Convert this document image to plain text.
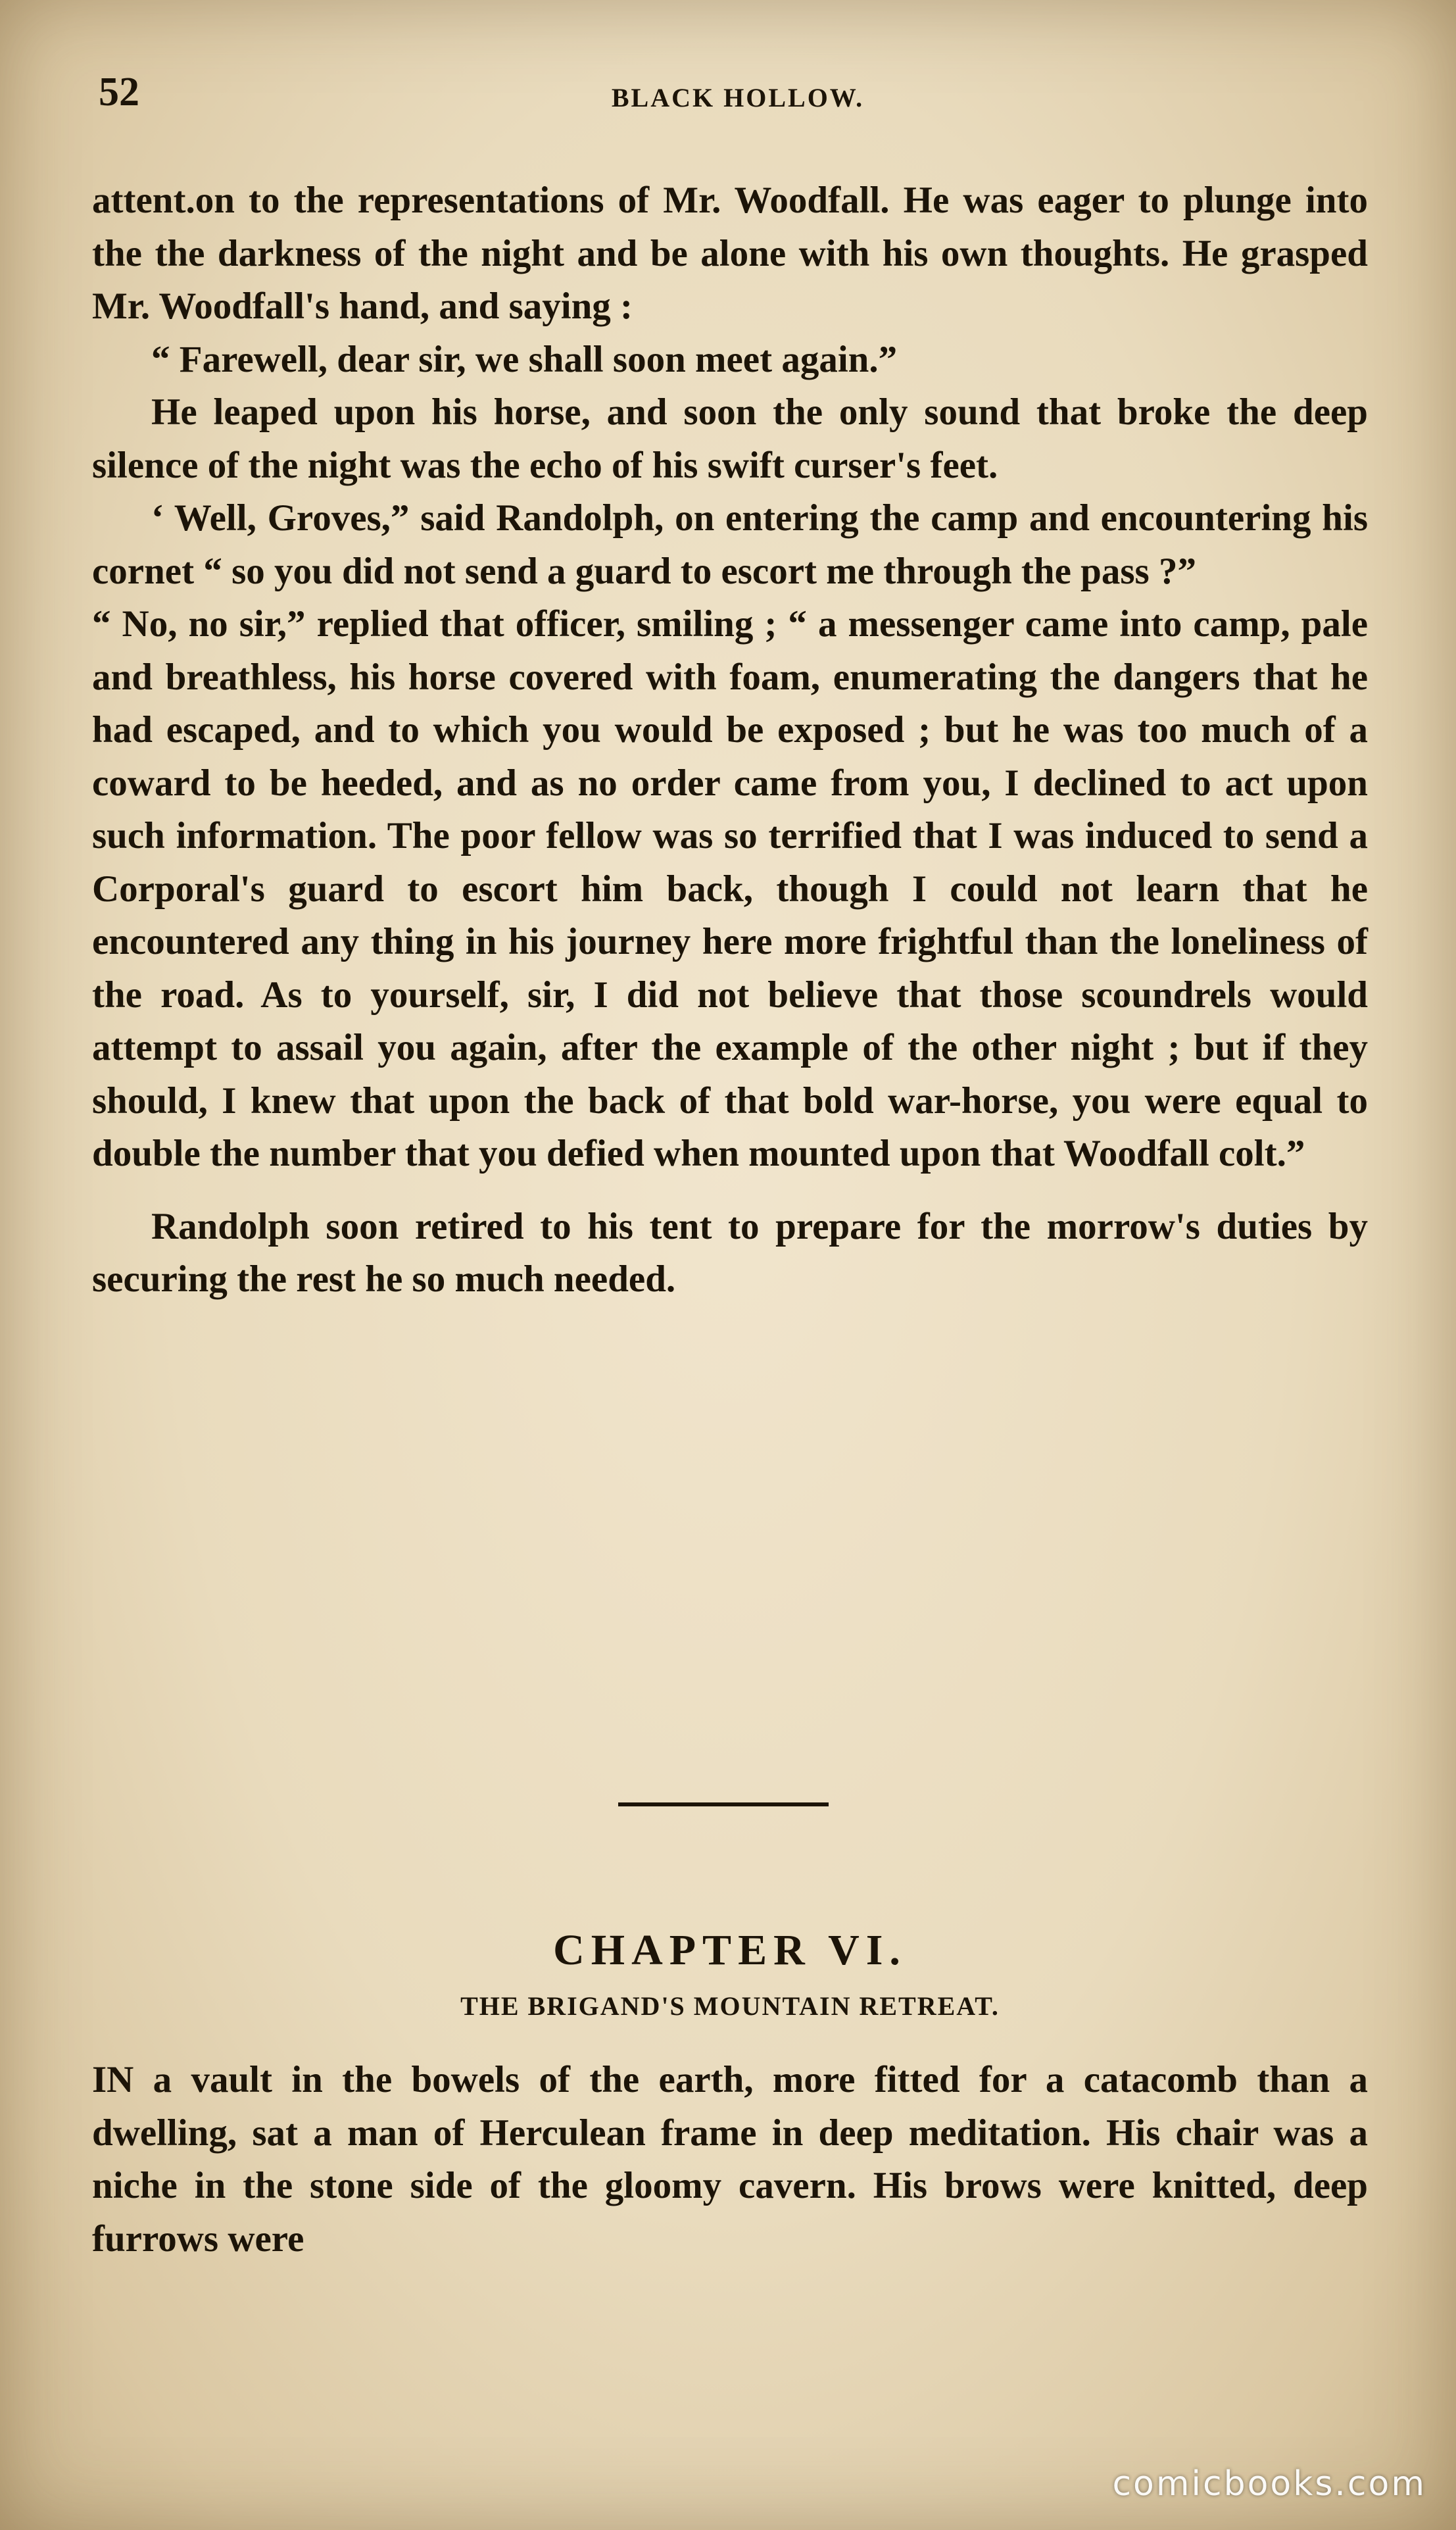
52	BLACK HOLLOW.

attent.on to the representations of Mr. Woodfall. He was eager to plunge into the the darkness of the night and be alone with his own thoughts. He grasped Mr. Woodfall's hand, and saying :

“ Farewell, dear sir, we shall soon meet again.”

He leaped upon his horse, and soon the only sound that broke the deep silence of the night was the echo of his swift curser's feet.

‘ Well, Groves,” said Randolph, on entering the camp and encountering his cornet “ so you did not send a guard to escort me through the pass ?”

“ No, no sir,” replied that officer, smiling ; “ a messenger came into camp, pale and breathless, his horse covered with foam, enumerating the dangers that he had escaped, and to which you would be exposed ; but he was too much of a coward to be heeded, and as no order came from you, I declined to act upon such information. The poor fellow was so terrified that I was induced to send a Corporal's guard to escort him back, though I could not learn that he encountered any thing in his journey here more frightful than the loneliness of the road. As to yourself, sir, I did not believe that those scoundrels would attempt to assail you again, after the example of the other night ; but if they should, I knew that upon the back of that bold war-horse, you were equal to double the number that you defied when mounted upon that Woodfall colt.”

Randolph soon retired to his tent to prepare for the morrow's duties by securing the rest he so much needed.

CHAPTER VI.
THE BRIGAND'S MOUNTAIN RETREAT.

IN a vault in the bowels of the earth, more fitted for a catacomb than a dwelling, sat a man of Herculean frame in deep meditation. His chair was a niche in the stone side of the gloomy cavern. His brows were knitted, deep furrows were

comicbooks.com
